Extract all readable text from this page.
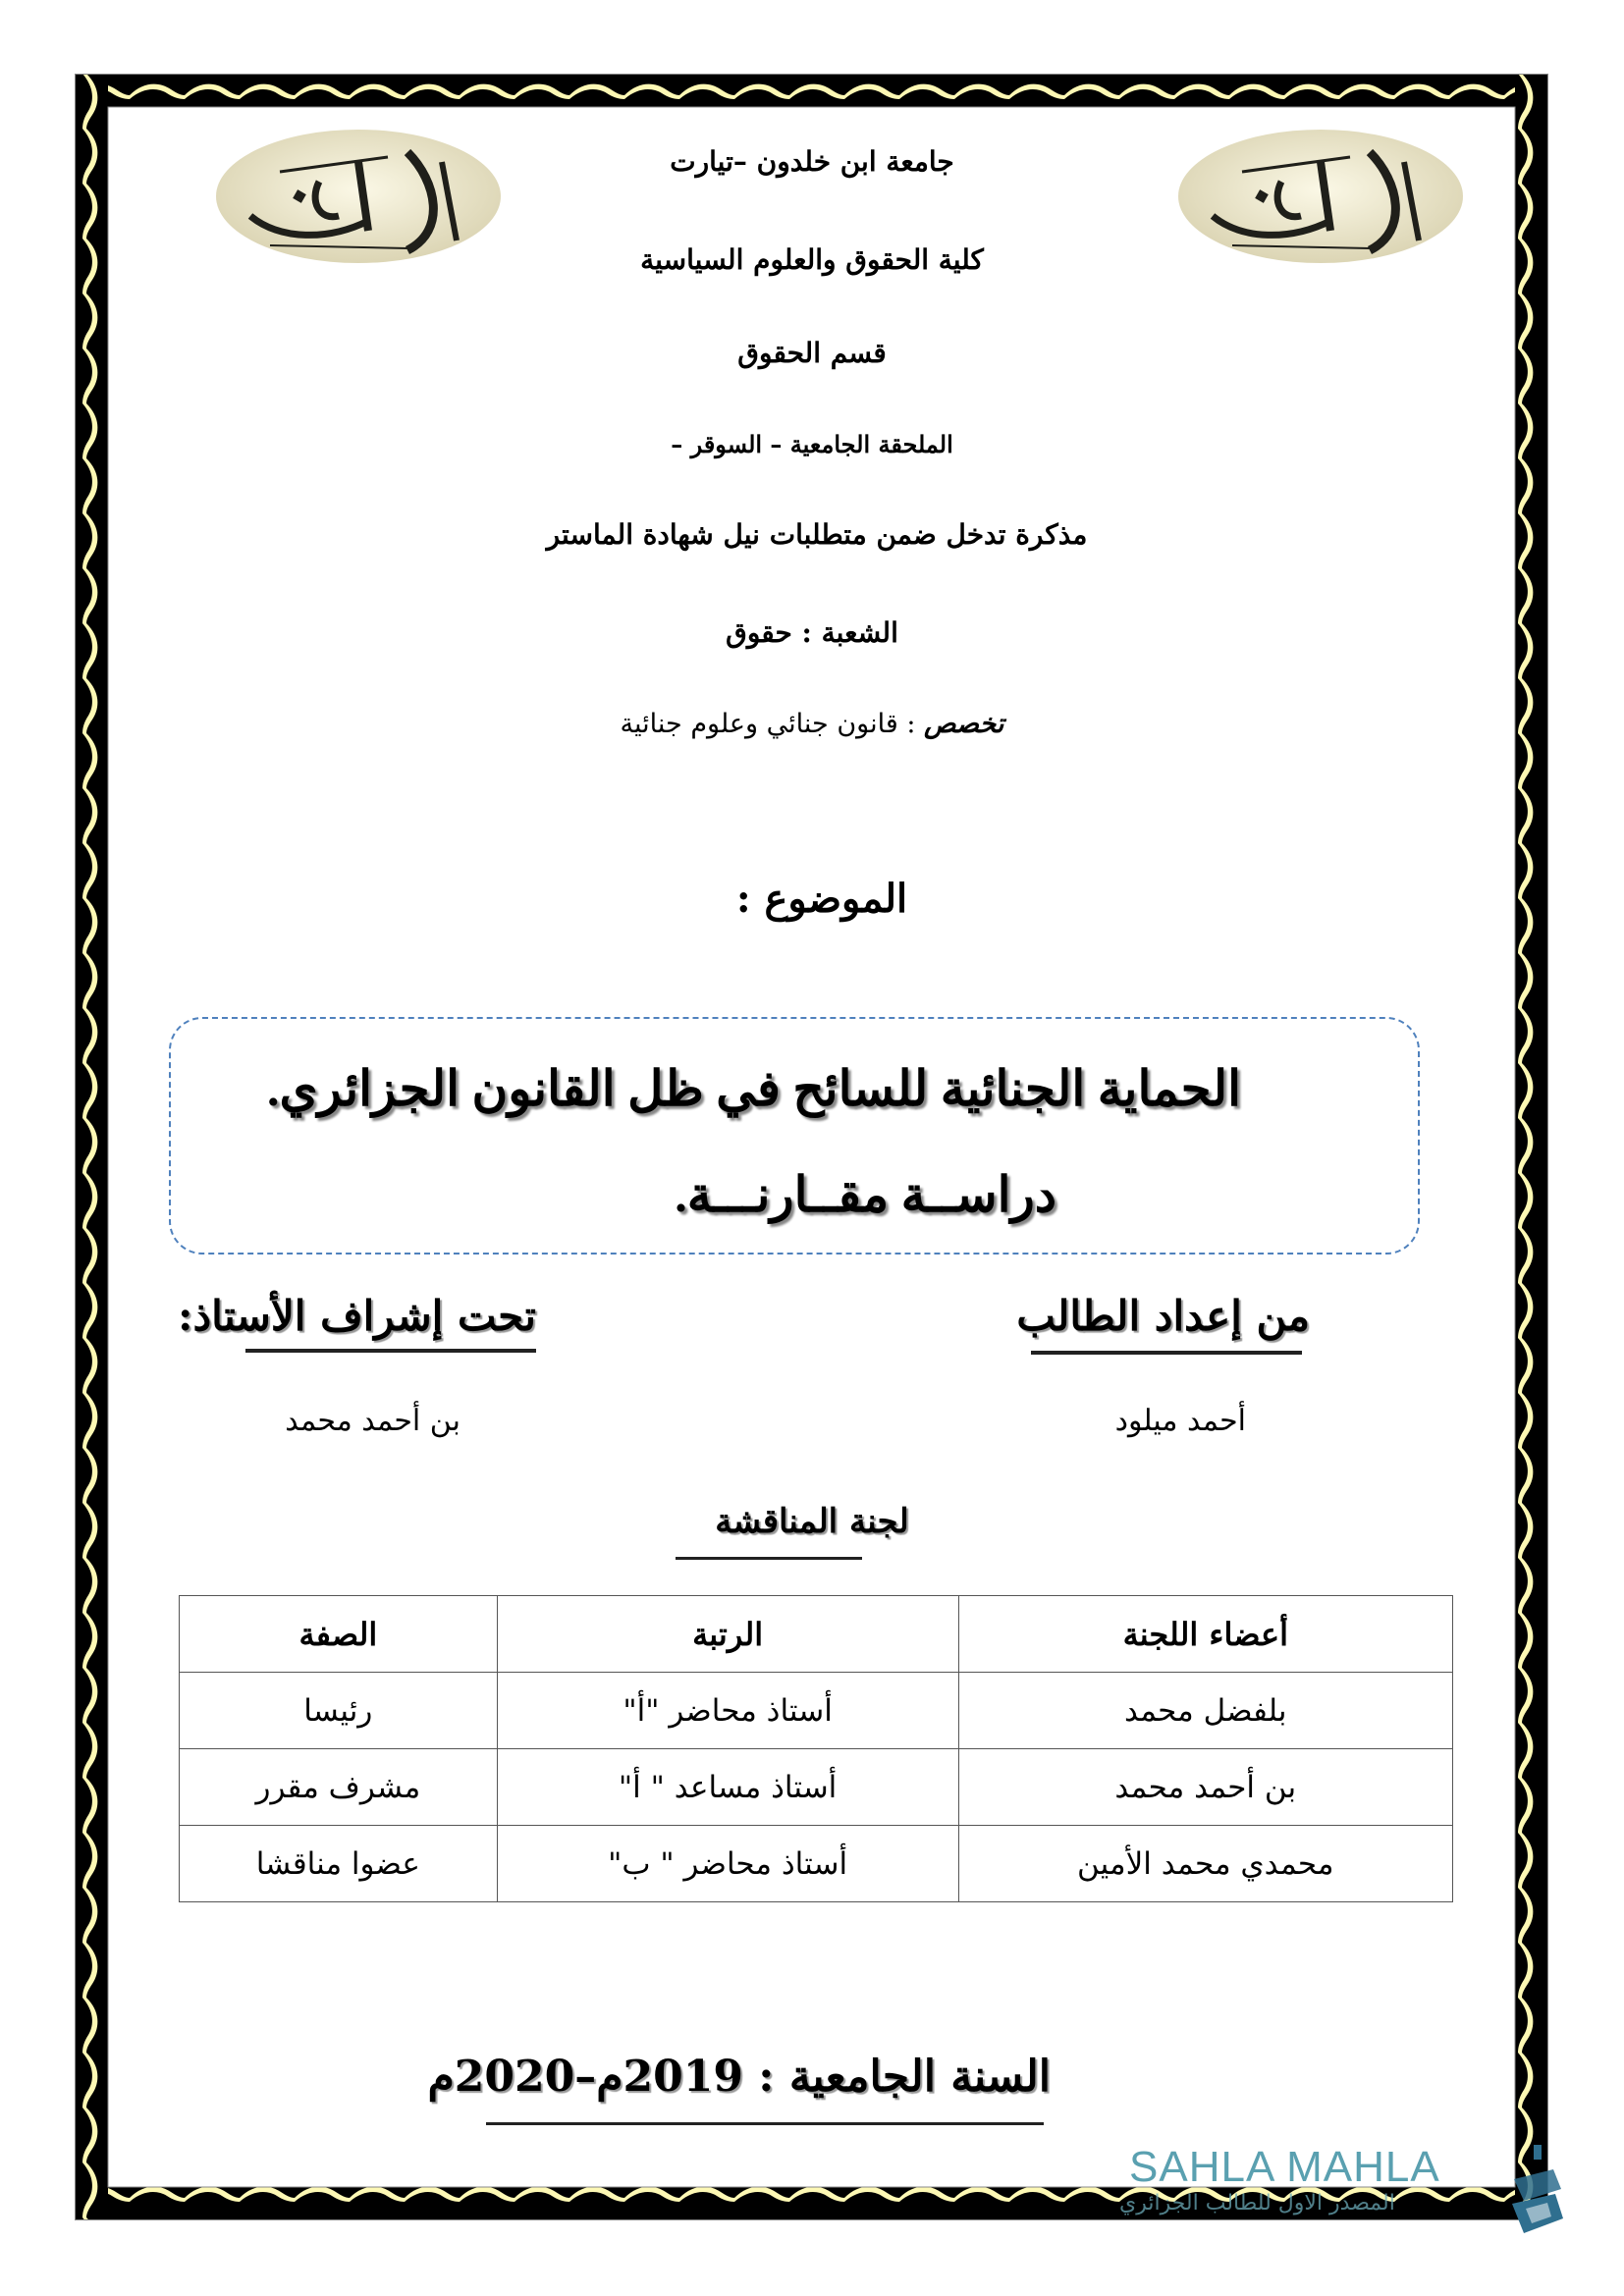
جامعة ابن خلدون –تيارت
كلية الحقوق والعلوم السياسية
قسم الحقوق
الملحقة الجامعية – السوقر –
مذكرة تدخل ضمن متطلبات نيل شهادة الماستر
الشعبة : حقوق
تخصص : قانون جنائي وعلوم جنائية
الموضوع :
الحماية الجنائية للسائح في ظل القانون الجزائري.
دراســة مقــارنـــة.
من إعداد الطالب
أحمد ميلود
تحت إشراف الأستاذ:
بن أحمد محمد
لجنة المناقشة
أعضاء اللجنة	الرتبة	الصفة
بلفضل محمد	أستاذ محاضر "أ"	رئيسا
بن أحمد محمد	أستاذ مساعد " أ"	مشرف مقرر
محمدي محمد الأمين	أستاذ محاضر " ب"	عضوا مناقشا
السنة الجامعية : 2019م–2020م
SAHLA MAHLA
المصدر الاول للطالب الجزائري
